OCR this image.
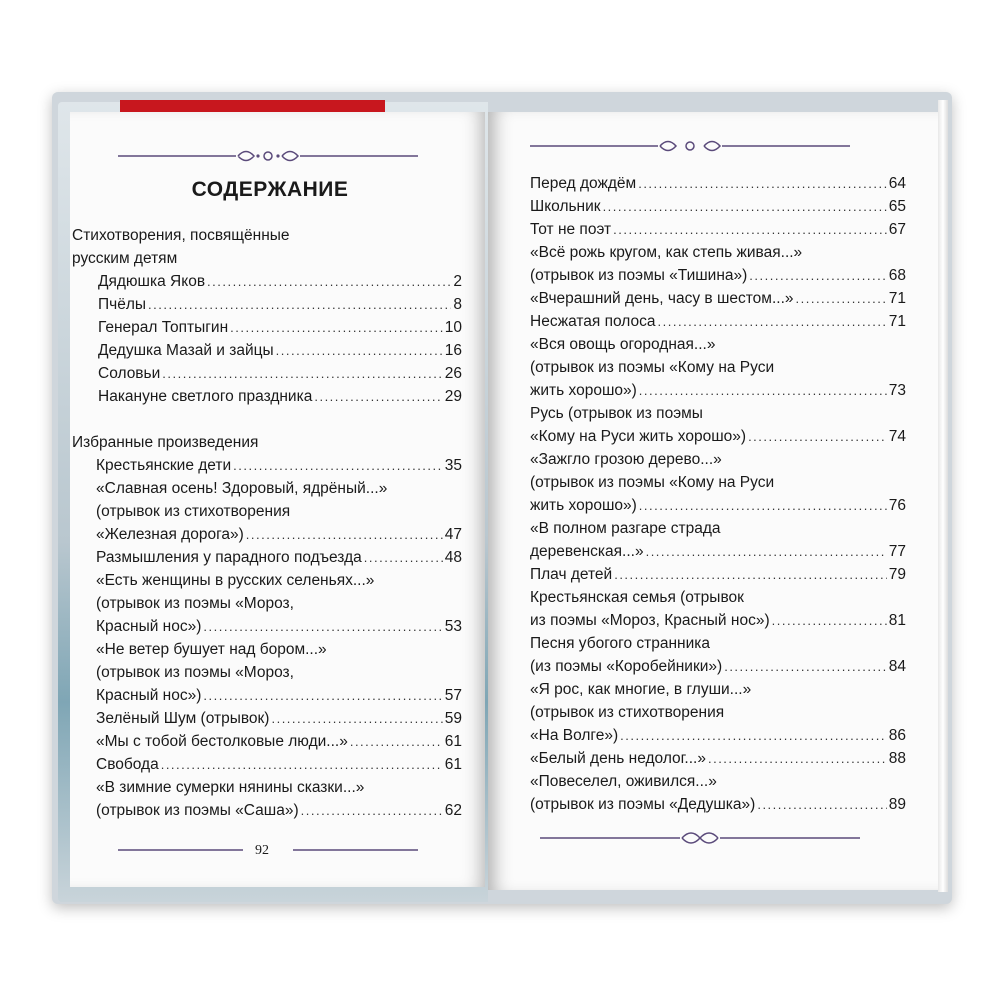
СОДЕРЖАНИЕ
Стихотворения, посвящённые
русским детям
Дядюшка Яков .....	2
Пчёлы .....	8
Генерал Топтыгин .....	10
Дедушка Мазай и зайцы .....	16
Соловьи .....	26
Накануне светлого праздника .....	29
Избранные произведения
Крестьянские дети .....	35
«Славная осень! Здоровый, ядрёный...»
(отрывок из стихотворения
«Железная дорога») .....	47
Размышления у парадного подъезда .....	48
«Есть женщины в русских селеньях...»
(отрывок из поэмы «Мороз,
Красный нос») .....	53
«Не ветер бушует над бором...»
(отрывок из поэмы «Мороз,
Красный нос») .....	57
Зелёный Шум (отрывок) .....	59
«Мы с тобой бестолковые люди...» .....	61
Свобода .....	61
«В зимние сумерки нянины сказки...»
(отрывок из поэмы «Саша») .....	62
Перед дождём .....	64
Школьник .....	65
Тот не поэт .....	67
«Всё рожь кругом, как степь живая...»
(отрывок из поэмы «Тишина») .....	68
«Вчерашний день, часу в шестом...» .....	71
Несжатая полоса .....	71
«Вся овощь огородная...»
(отрывок из поэмы «Кому на Руси
жить хорошо») .....	73
Русь (отрывок из поэмы
«Кому на Руси жить хорошо») .....	74
«Зажгло грозою дерево...»
(отрывок из поэмы «Кому на Руси
жить хорошо») .....	76
«В полном разгаре страда
деревенская...» .....	77
Плач детей .....	79
Крестьянская семья (отрывок
из поэмы «Мороз, Красный нос») .....	81
Песня убогого странника
(из поэмы «Коробейники») .....	84
«Я рос, как многие, в глуши...»
(отрывок из стихотворения
«На Волге») .....	86
«Белый день недолог...» .....	88
«Повеселел, оживился...»
(отрывок из поэмы «Дедушка») .....	89
92
